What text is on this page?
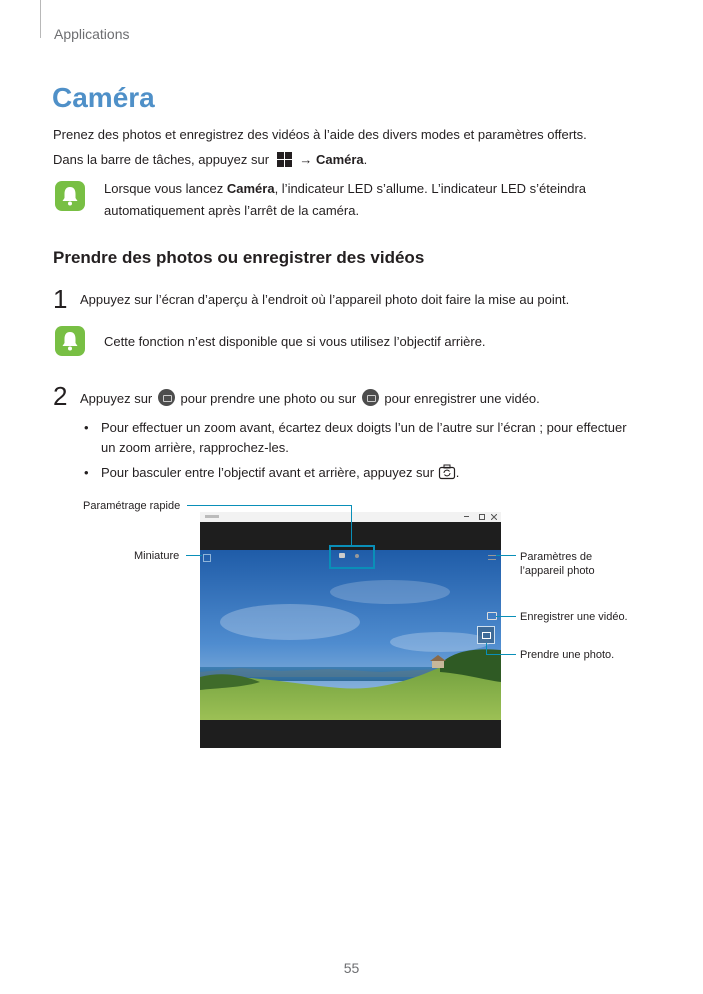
Applications
Caméra
Prenez des photos et enregistrez des vidéos à l’aide des divers modes et paramètres offerts.
Dans la barre de tâches, appuyez sur → Caméra.
Lorsque vous lancez Caméra, l’indicateur LED s’allume. L’indicateur LED s’éteindra
automatiquement après l’arrêt de la caméra.
Prendre des photos ou enregistrer des vidéos
1 Appuyez sur l’écran d’aperçu à l’endroit où l’appareil photo doit faire la mise au point.
Cette fonction n’est disponible que si vous utilisez l’objectif arrière.
2 Appuyez sur pour prendre une photo ou sur pour enregistrer une vidéo.
• Pour effectuer un zoom avant, écartez deux doigts l’un de l’autre sur l’écran ; pour effectuer
un zoom arrière, rapprochez-les.
• Pour basculer entre l’objectif avant et arrière, appuyez sur .
Paramétrage rapide
Miniature	Paramètres de
l’appareil photo
Enregistrer une vidéo.
Prendre une photo.
55
